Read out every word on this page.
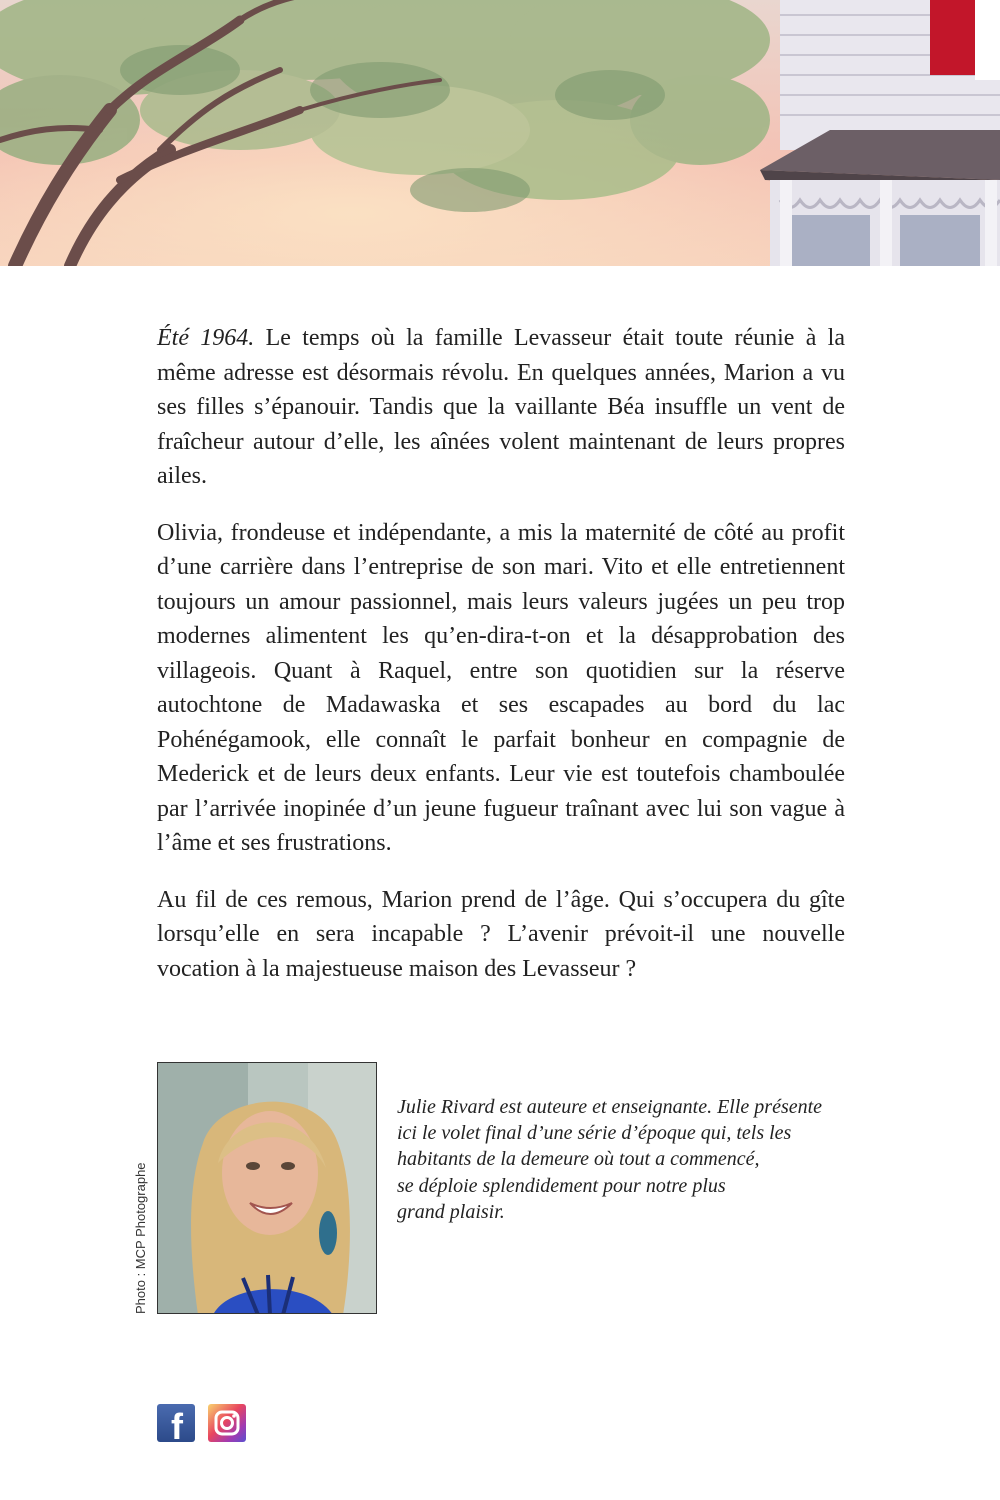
Été 1964. Le temps où la famille Levasseur était toute réunie à la même adresse est désormais révolu. En quelques années, Marion a vu ses filles s’épanouir. Tandis que la vaillante Béa insuffle un vent de fraîcheur autour d’elle, les aînées volent maintenant de leurs propres ailes.

Olivia, frondeuse et indépendante, a mis la maternité de côté au profit d’une carrière dans l’entreprise de son mari. Vito et elle entretiennent toujours un amour passionnel, mais leurs valeurs jugées un peu trop modernes alimentent les qu’en-dira-t-on et la désapprobation des villageois. Quant à Raquel, entre son quotidien sur la réserve autochtone de Madawaska et ses escapades au bord du lac Pohénégamook, elle connaît le parfait bonheur en compagnie de Mederick et de leurs deux enfants. Leur vie est toutefois chamboulée par l’arrivée inopinée d’un jeune fugueur traînant avec lui son vague à l’âme et ses frustrations.

Au fil de ces remous, Marion prend de l’âge. Qui s’occupera du gîte lorsqu’elle en sera incapable ? L’avenir prévoit-il une nouvelle vocation à la majestueuse maison des Levasseur ?

Photo : MCP Photographe
Julie Rivard est auteure et enseignante. Elle présente
ici le volet final d’une série d’époque qui, tels les
habitants de la demeure où tout a commencé,
se déploie splendidement pour notre plus
grand plaisir.
f
